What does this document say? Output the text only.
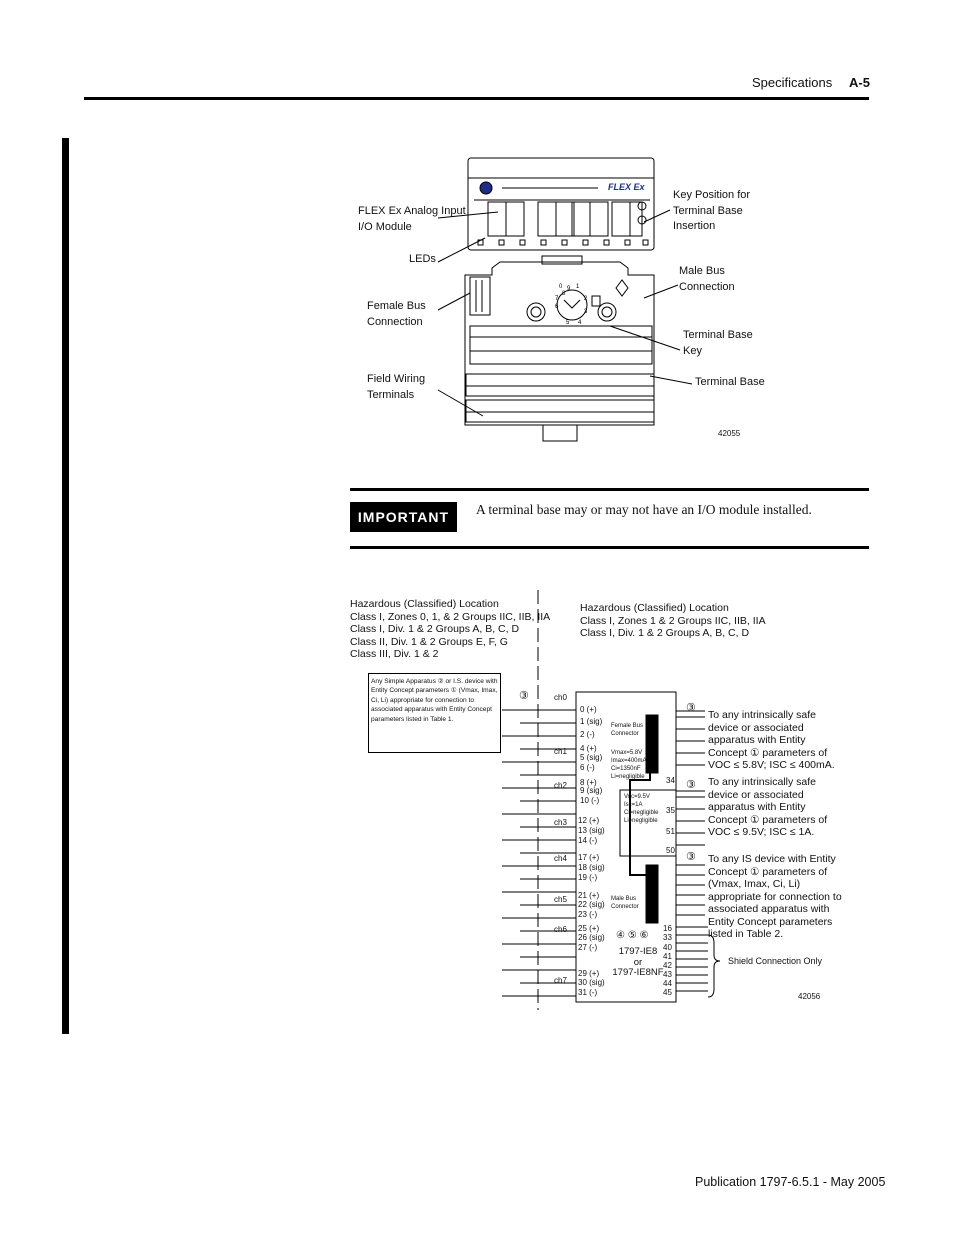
Specifications A-5
FLEX Ex
9
0 1
2
3
4
5
6
7
8
FLEX Ex Analog Input I/O Module
LEDs
Female Bus Connection
Field Wiring Terminals
Key Position for Terminal Base Insertion
Male Bus Connection
Terminal Base Key
Terminal Base
42055
IMPORTANT	A terminal base may or may not have an I/O module installed.
Hazardous (Classified) Location
Class I, Zones 0, 1, & 2 Groups IIC, IIB, IIA
Class I, Div. 1 & 2 Groups A, B, C, D
Class II, Div. 1 & 2 Groups E, F, G
Class III, Div. 1 & 2
Hazardous (Classified) Location
Class I, Zones 1 & 2 Groups IIC, IIB, IIA
Class I, Div. 1 & 2 Groups A, B, C, D
Any Simple Apparatus ② or I.S. device with Entity Concept parameters ① (Vmax, Imax, Ci, Li) appropriate for connection to associated apparatus with Entity Concept parameters listed in Table 1.
③
③
③
③
ch0
ch1
ch2
ch3
ch4
ch5
ch6
ch7
0 (+)
1 (sig)
2 (-)
4 (+)
5 (sig)
6 (-)
8 (+)
9 (sig)
10 (-)
12 (+)
13 (sig)
14 (-)
17 (+)
18 (sig)
19 (-)
21 (+)
22 (sig)
23 (-)
25 (+)
26 (sig)
27 (-)
29 (+)
30 (sig)
31 (-)
Female Bus Connector
Vmax=5.8V
Imax=400mA
Ci=1350nF
Li=negligible
Voc=9.5V
Isc=1A
Ci=negligible
Li=negligible
Male Bus Connector
34
35
51
50
16
33
40
41
42
43
44
45
④ ⑤ ⑥
1797-IE8
or
1797-IE8NF
To any intrinsically safe device or associated apparatus with Entity Concept ① parameters of VOC ≤ 5.8V; ISC ≤ 400mA.
To any intrinsically safe device or associated apparatus with Entity Concept ① parameters of VOC ≤ 9.5V; ISC ≤ 1A.
To any IS device with Entity Concept ① parameters of (Vmax, Imax, Ci, Li) appropriate for connection to associated apparatus with Entity Concept parameters listed in Table 2.
Shield Connection Only
42056
Publication 1797-6.5.1 - May 2005
